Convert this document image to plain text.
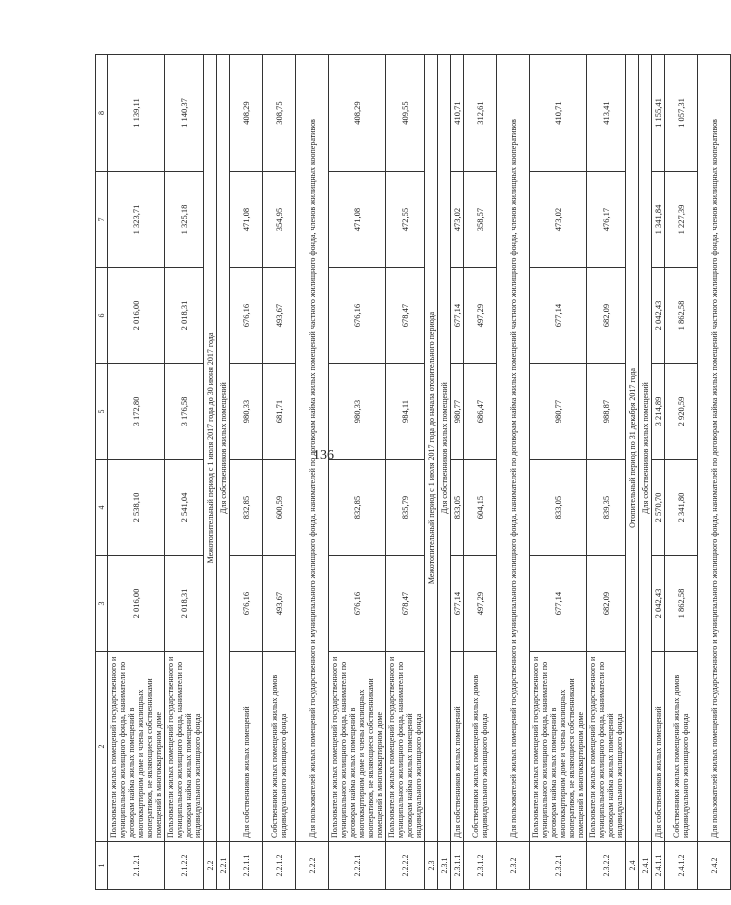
136
1	2	3	4	5	6	7	8
2.1.2.1	Пользователи жилых помещений государственного и муниципального жилищного фонда, наниматели по договорам найма жилых помещений в многоквартирном доме и члены жилищных кооперативов, не являющиеся собственниками помещений в многоквартирном доме	2 016,00	2 538,10	3 172,80	2 016,00	1 323,71	1 139,11
2.1.2.2	Пользователи жилых помещений государственного и муниципального жилищного фонда, наниматели по договорам найма жилых помещений индивидуального жилищного фонда	2 018,31	2 541,04	3 176,58	2 018,31	1 325,18	1 140,37
2.2	Межотопительный период с 1 июля 2017 года до 30 июня 2017 года						
2.2.1	Для собственников жилых помещений						
2.2.1.1	Для собственников жилых помещений	676,16	832,85	980,33	676,16	471,08	408,29
2.2.1.2	Собственники жилых помещений жилых домов индивидуального жилищного фонда	493,67	600,59	681,71	493,67	354,95	308,75
2.2.2	Для пользователей жилых помещений государственного и муниципального жилищного фонда, нанимателей по договорам найма жилых помещений частного жилищного фонда, членов жилищных кооперативов						
2.2.2.1	Пользователи жилых помещений государственного и муниципального жилищного фонда, наниматели по договорам найма жилых помещений в многоквартирном доме и члены жилищных кооперативов, не являющиеся собственниками помещений в многоквартирном доме	676,16	832,85	980,33	676,16	471,08	408,29
2.2.2.2	Пользователи жилых помещений государственного и муниципального жилищного фонда, наниматели по договорам найма жилых помещений индивидуального жилищного фонда	678,47	835,79	984,11	678,47	472,55	409,55
2.3	Межотопительный период с 1 июля 2017 года до начала отопительного периода						
2.3.1	Для собственников жилых помещений						
2.3.1.1	Для собственников жилых помещений	677,14	833,05	980,77	677,14	473,02	410,71
2.3.1.2	Собственники жилых помещений жилых домов индивидуального жилищного фонда	497,29	604,15	686,47	497,29	358,57	312,61
2.3.2	Для пользователей жилых помещений государственного и муниципального жилищного фонда, нанимателей по договорам найма жилых помещений частного жилищного фонда, членов жилищных кооперативов						
2.3.2.1	Пользователи жилых помещений государственного и муниципального жилищного фонда, наниматели по договорам найма жилых помещений в многоквартирном доме и члены жилищных кооперативов, не являющиеся собственниками помещений в многоквартирном доме	677,14	833,05	980,77	677,14	473,02	410,71
2.3.2.2	Пользователи жилых помещений государственного и муниципального жилищного фонда, наниматели по договорам найма жилых помещений индивидуального жилищного фонда	682,09	839,35	988,87	682,09	476,17	413,41
2.4	Отопительный период по 31 декабря 2017 года						
2.4.1	Для собственников жилых помещений						
2.4.1.1	Для собственников жилых помещений	2 042,43	2 570,70	3 214,89	2 042,43	1 341,84	1 155,41
2.4.1.2	Собственники жилых помещений жилых домов индивидуального жилищного фонда	1 862,58	2 341,80	2 920,59	1 862,58	1 227,39	1 057,31
2.4.2	Для пользователей жилых помещений государственного и муниципального жилищного фонда, нанимателей по договорам найма жилых помещений частного жилищного фонда, членов жилищных кооперативов						
